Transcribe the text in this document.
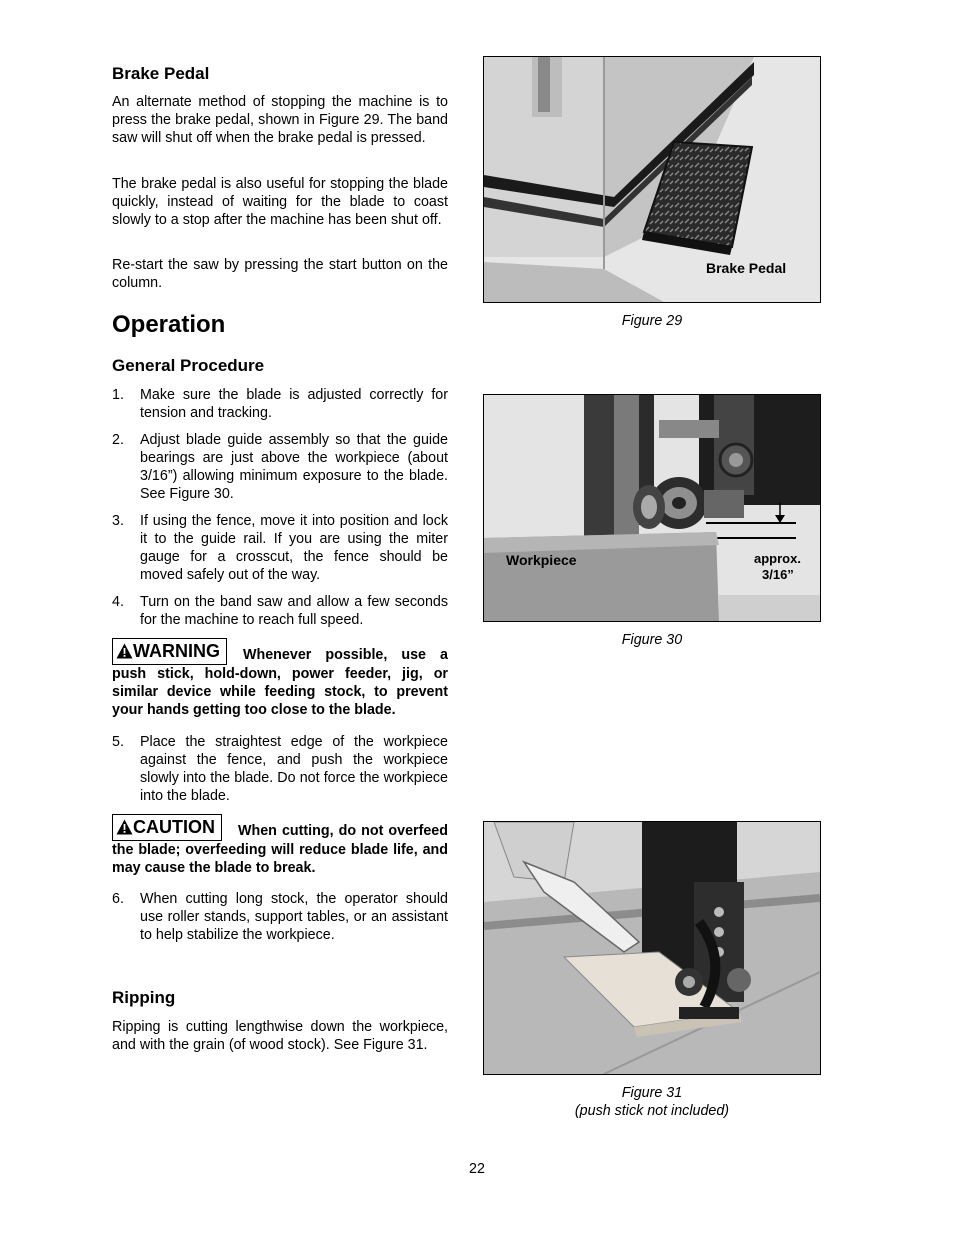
Brake Pedal

An alternate method of stopping the machine is to press the brake pedal, shown in Figure 29. The band saw will shut off when the brake pedal is pressed.

The brake pedal is also useful for stopping the blade quickly, instead of waiting for the blade to coast slowly to a stop after the machine has been shut off.

Re-start the saw by pressing the start button on the column.

Operation
General Procedure
1. Make sure the blade is adjusted correctly for tension and tracking.
2. Adjust blade guide assembly so that the guide bearings are just above the workpiece (about 3/16”) allowing minimum exposure to the blade. See Figure 30.
3. If using the fence, move it into position and lock it to the guide rail. If you are using the miter gauge for a crosscut, the fence should be moved safely out of the way.
4. Turn on the band saw and allow a few seconds for the machine to reach full speed.
WARNING Whenever possible, use a push stick, hold-down, power feeder, jig, or similar device while feeding stock, to prevent your hands getting too close to the blade.
5. Place the straightest edge of the workpiece against the fence, and push the workpiece slowly into the blade. Do not force the workpiece into the blade.
CAUTION When cutting, do not overfeed the blade; overfeeding will reduce blade life, and may cause the blade to break.
6. When cutting long stock, the operator should use roller stands, support tables, or an assistant to help stabilize the workpiece.
Ripping

Ripping is cutting lengthwise down the workpiece, and with the grain (of wood stock). See Figure 31.

Brake Pedal
Figure 29
Workpiece	approx.
3/16”
Figure 30
Figure 31
(push stick not included)
22
